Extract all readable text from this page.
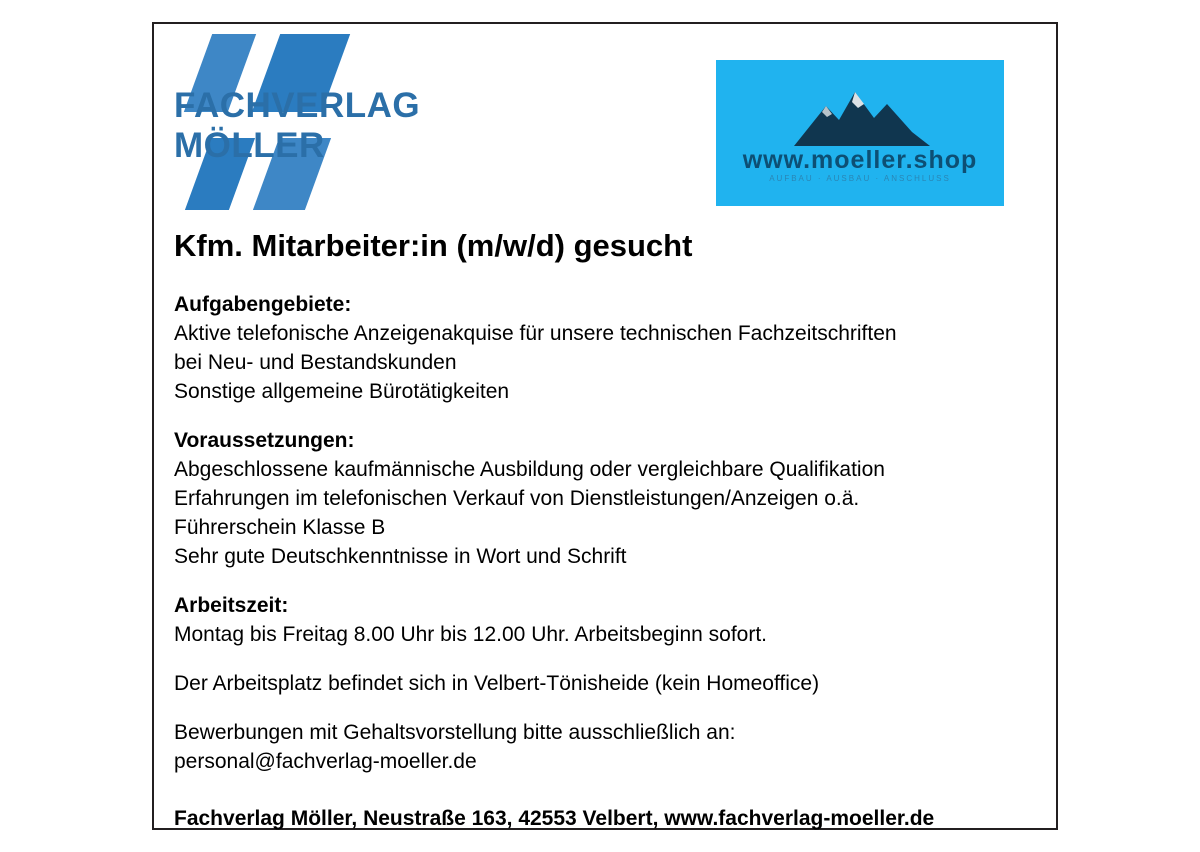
FACHVERLAG
MÖLLER	www.moeller.shop
AUFBAU · AUSBAU · ANSCHLUSS
Kfm. Mitarbeiter:in (m/w/d) gesucht

Aufgabengebiete:

Aktive telefonische Anzeigenakquise für unsere technischen Fachzeitschriften

bei Neu- und Bestandskunden

Sonstige allgemeine Bürotätigkeiten

Voraussetzungen:

Abgeschlossene kaufmännische Ausbildung oder vergleichbare Qualifikation

Erfahrungen im telefonischen Verkauf von Dienstleistungen/Anzeigen o.ä.

Führerschein Klasse B

Sehr gute Deutschkenntnisse in Wort und Schrift

Arbeitszeit:

Montag bis Freitag 8.00 Uhr bis 12.00 Uhr. Arbeitsbeginn sofort.

Der Arbeitsplatz befindet sich in Velbert-Tönisheide (kein Homeoffice)

Bewerbungen mit Gehaltsvorstellung bitte ausschließlich an:

personal@fachverlag-moeller.de

Fachverlag Möller, Neustraße 163, 42553 Velbert, www.fachverlag-moeller.de
